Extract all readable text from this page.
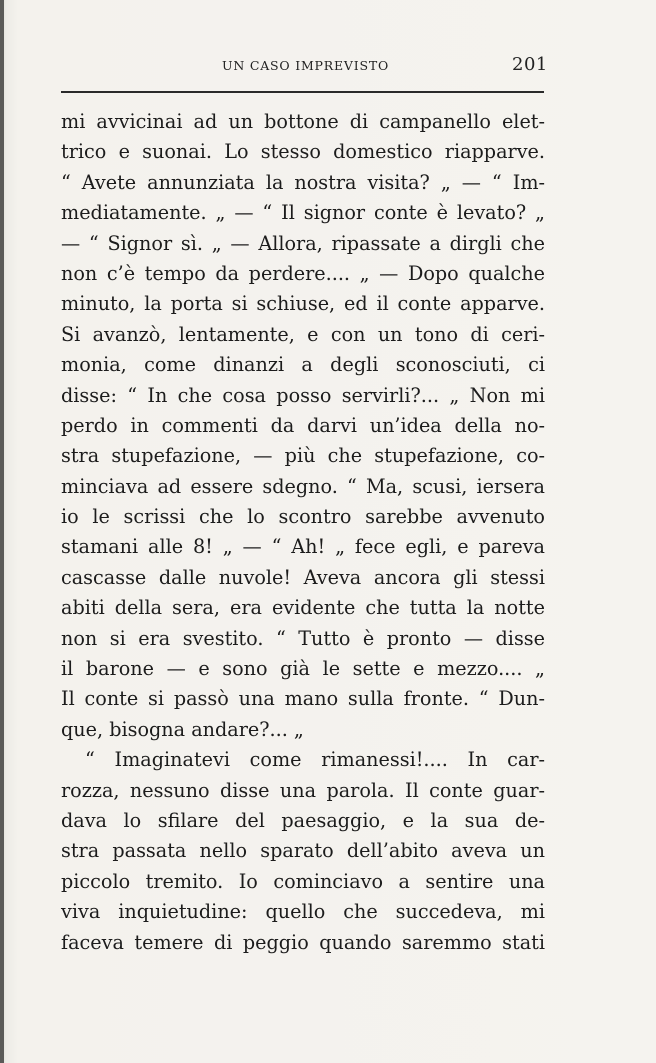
UN CASO IMPREVISTO	201
mi avvicinai ad un bottone di campanello elet-
trico e suonai. Lo stesso domestico riapparve.
“ Avete annunziata la nostra visita? „ — “ Im-
mediatamente. „ — “ Il signor conte è levato? „
— “ Signor sì. „ — Allora, ripassate a dirgli che
non c’è tempo da perdere.... „ — Dopo qualche
minuto, la porta si schiuse, ed il conte apparve.
Si avanzò, lentamente, e con un tono di ceri-
monia, come dinanzi a degli sconosciuti, ci
disse: “ In che cosa posso servirli?... „ Non mi
perdo in commenti da darvi un’idea della no-
stra stupefazione, — più che stupefazione, co-
minciava ad essere sdegno. “ Ma, scusi, iersera
io le scrissi che lo scontro sarebbe avvenuto
stamani alle 8! „ — “ Ah! „ fece egli, e pareva
cascasse dalle nuvole! Aveva ancora gli stessi
abiti della sera, era evidente che tutta la notte
non si era svestito. “ Tutto è pronto — disse
il barone — e sono già le sette e mezzo.... „
Il conte si passò una mano sulla fronte. “ Dun-
que, bisogna andare?... „
“ Imaginatevi come rimanessi!.... In car-
rozza, nessuno disse una parola. Il conte guar-
dava lo sfilare del paesaggio, e la sua de-
stra passata nello sparato dell’abito aveva un
piccolo tremito. Io cominciavo a sentire una
viva inquietudine: quello che succedeva, mi
faceva temere di peggio quando saremmo stati
